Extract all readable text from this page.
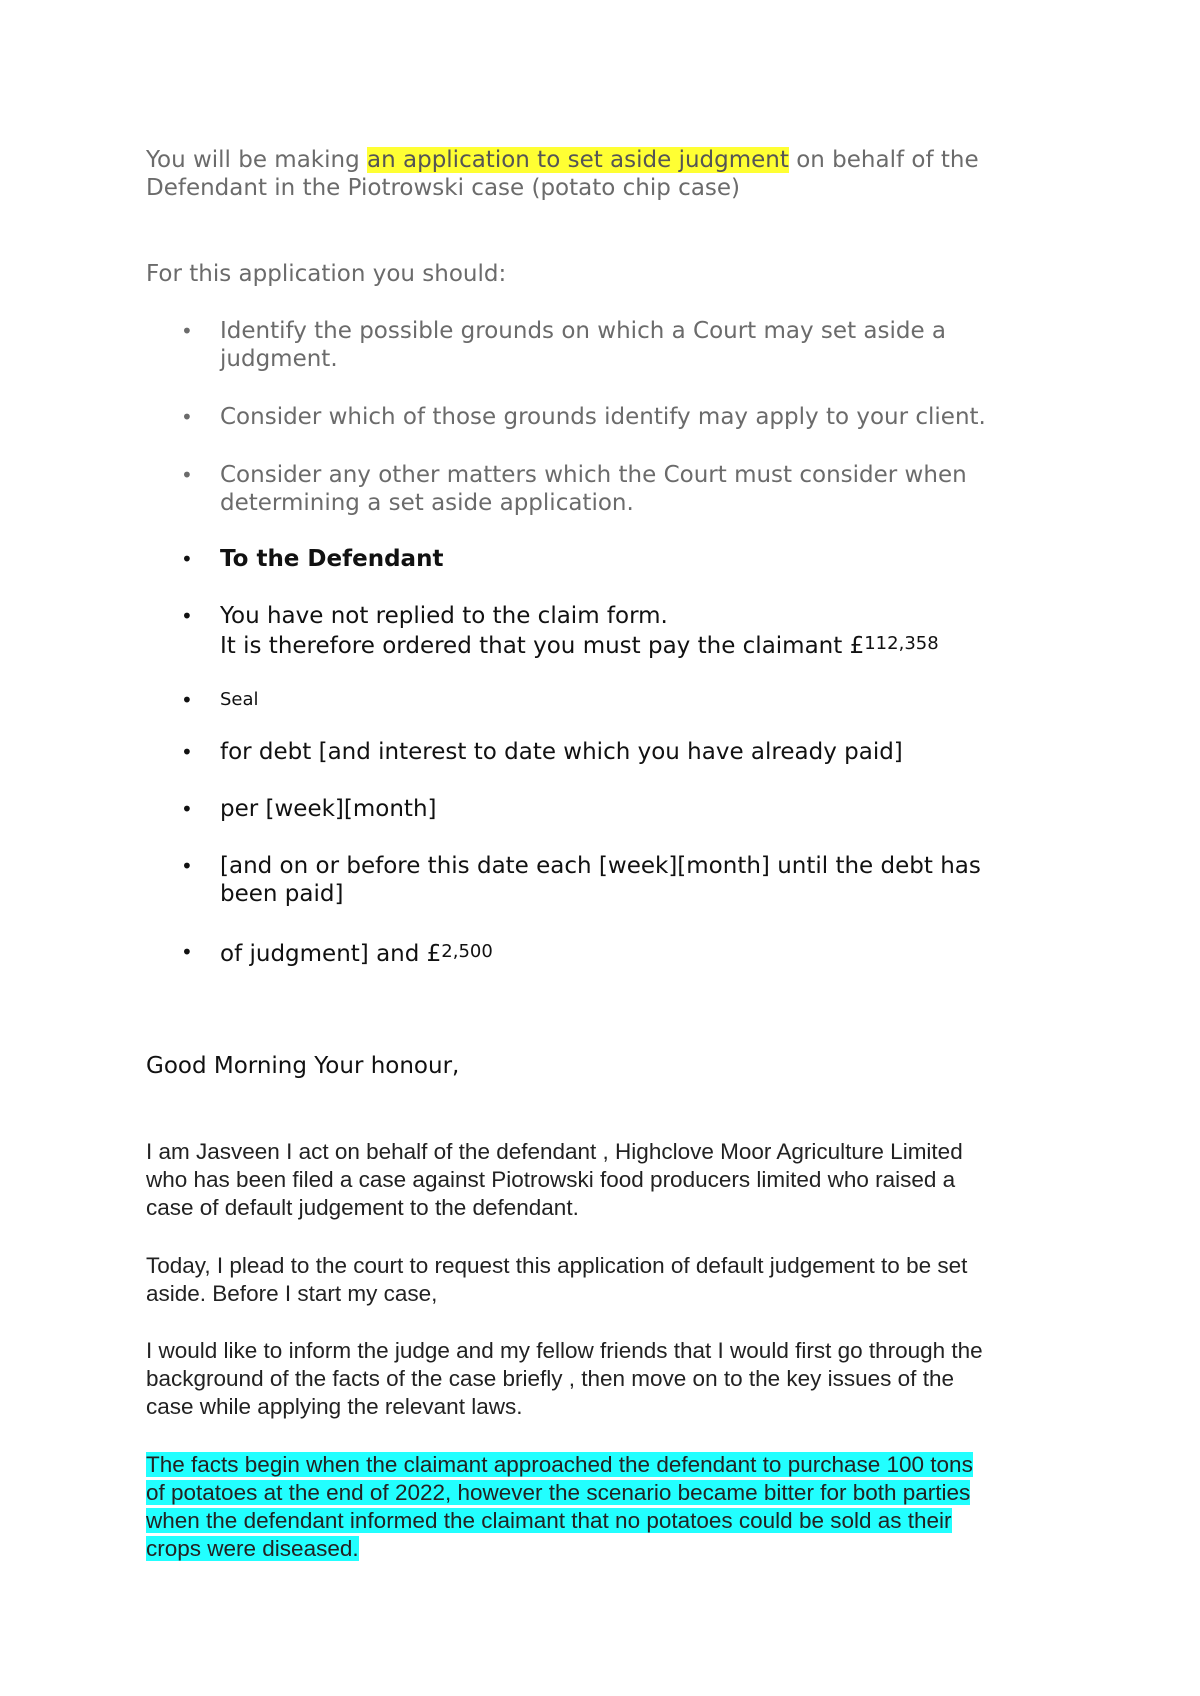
You will be making an application to set aside judgment on behalf of the
Defendant in the Piotrowski case (potato chip case)
For this application you should:
• Identify the possible grounds on which a Court may set aside a
judgment.
• Consider which of those grounds identify may apply to your client.
• Consider any other matters which the Court must consider when
determining a set aside application.
• To the Defendant
• You have not replied to the claim form.
It is therefore ordered that you must pay the claimant £$^{112,358}$
• Seal
• for debt [and interest to date which you have already paid]
• per [week][month]
• [and on or before this date each [week][month] until the debt has
been paid]
• of judgment] and £$^{2,500}$
Good Morning Your honour,
I am Jasveen I act on behalf of the defendant , Highclove Moor Agriculture Limited
who has been filed a case against Piotrowski food producers limited who raised a
case of default judgement to the defendant.
Today, I plead to the court to request this application of default judgement to be set
aside. Before I start my case,
I would like to inform the judge and my fellow friends that I would first go through the
background of the facts of the case briefly , then move on to the key issues of the
case while applying the relevant laws.
The facts begin when the claimant approached the defendant to purchase 100 tons
of potatoes at the end of 2022, however the scenario became bitter for both parties
when the defendant informed the claimant that no potatoes could be sold as their
crops were diseased.
